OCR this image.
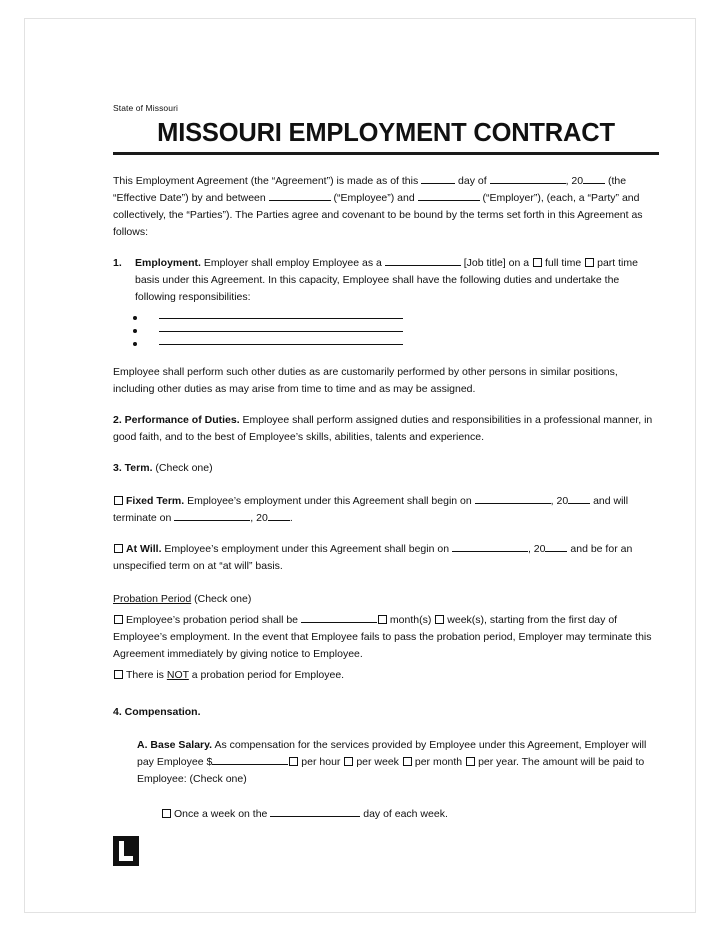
State of Missouri
MISSOURI EMPLOYMENT CONTRACT

This Employment Agreement (the “Agreement”) is made as of this	day of	, 20 (the “Effective Date”) by and between	(“Employee”) and	(“Employer”), (each, a “Party” and collectively, the “Parties”). The Parties agree and covenant to be bound by the terms set forth in this Agreement as follows:

1.	Employment. Employer shall employ Employee as a	[Job title] on a full time part time basis under this Agreement. In this capacity, Employee shall have the following duties and undertake the following responsibilities:

Employee shall perform such other duties as are customarily performed by other persons in similar positions, including other duties as may arise from time to time and as may be assigned.

2. Performance of Duties. Employee shall perform assigned duties and responsibilities in a professional manner, in good faith, and to the best of Employee’s skills, abilities, talents and experience.

3. Term. (Check one)

Fixed Term. Employee’s employment under this Agreement shall begin on	, 20 and will terminate on	, 20 .

At Will. Employee’s employment under this Agreement shall begin on	, 20 and be for an unspecified term on at “at will” basis.

Probation Period (Check one)

Employee’s probation period shall be	month(s) week(s), starting from the first day of Employee’s employment. In the event that Employee fails to pass the probation period, Employer may terminate this Agreement immediately by giving notice to Employee.

There is NOT a probation period for Employee.

4. Compensation.

A. Base Salary. As compensation for the services provided by Employee under this Agreement, Employer will pay Employee $	per hour per week per month per year. The amount will be paid to Employee: (Check one)

Once a week on the	day of each week.
